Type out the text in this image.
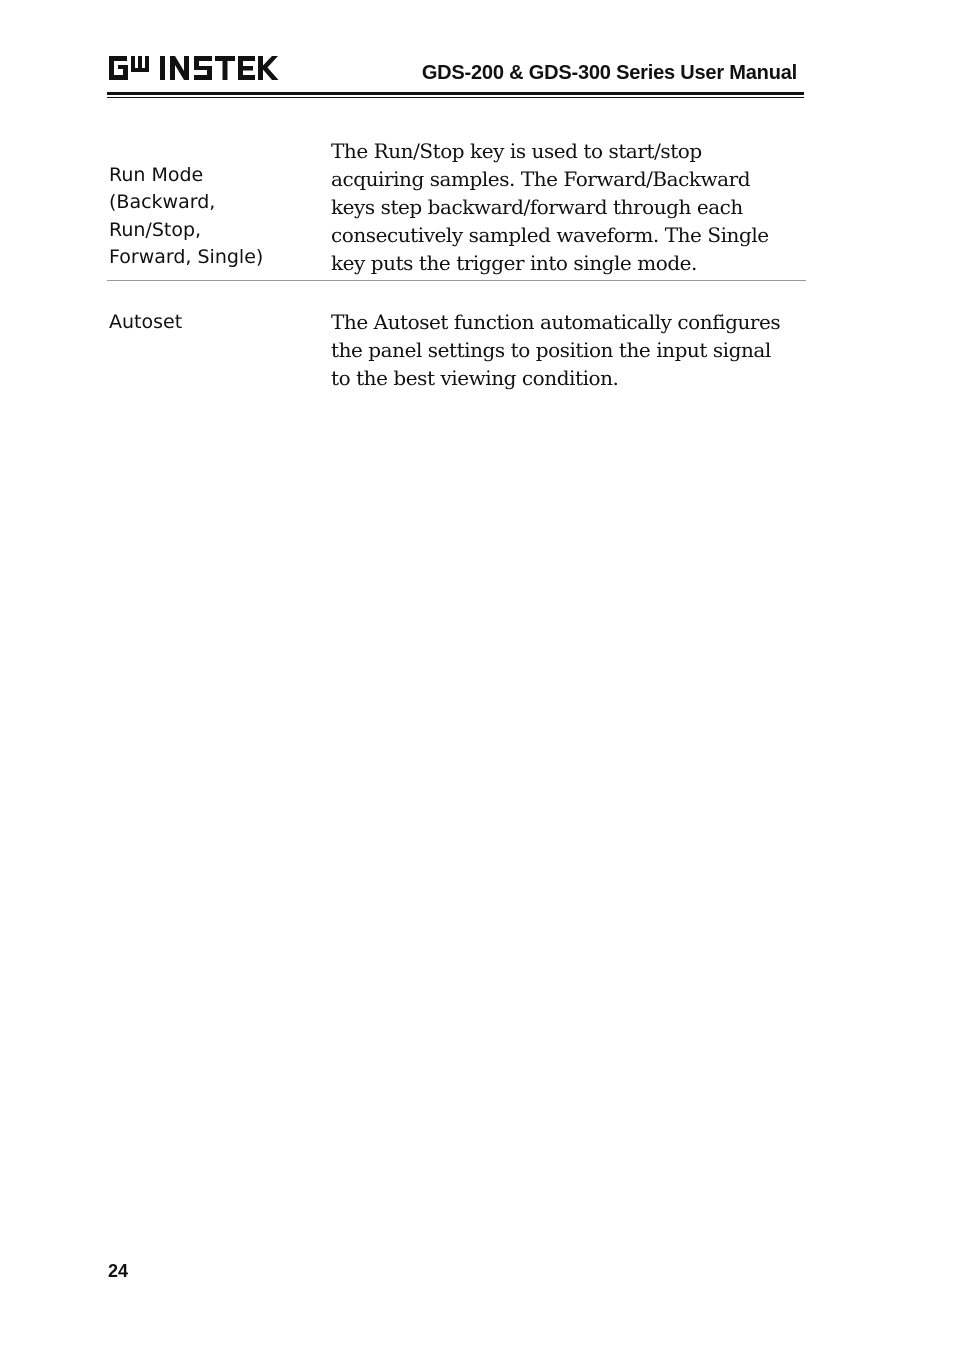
GDS-200 & GDS-300 Series User Manual
Run Mode
(Backward,
Run/Stop,
Forward, Single)
The Run/Stop key is used to start/stop
acquiring samples. The Forward/Backward
keys step backward/forward through each
consecutively sampled waveform. The Single
key puts the trigger into single mode.
Autoset	The Autoset function automatically configures
the panel settings to position the input signal
to the best viewing condition.
24
